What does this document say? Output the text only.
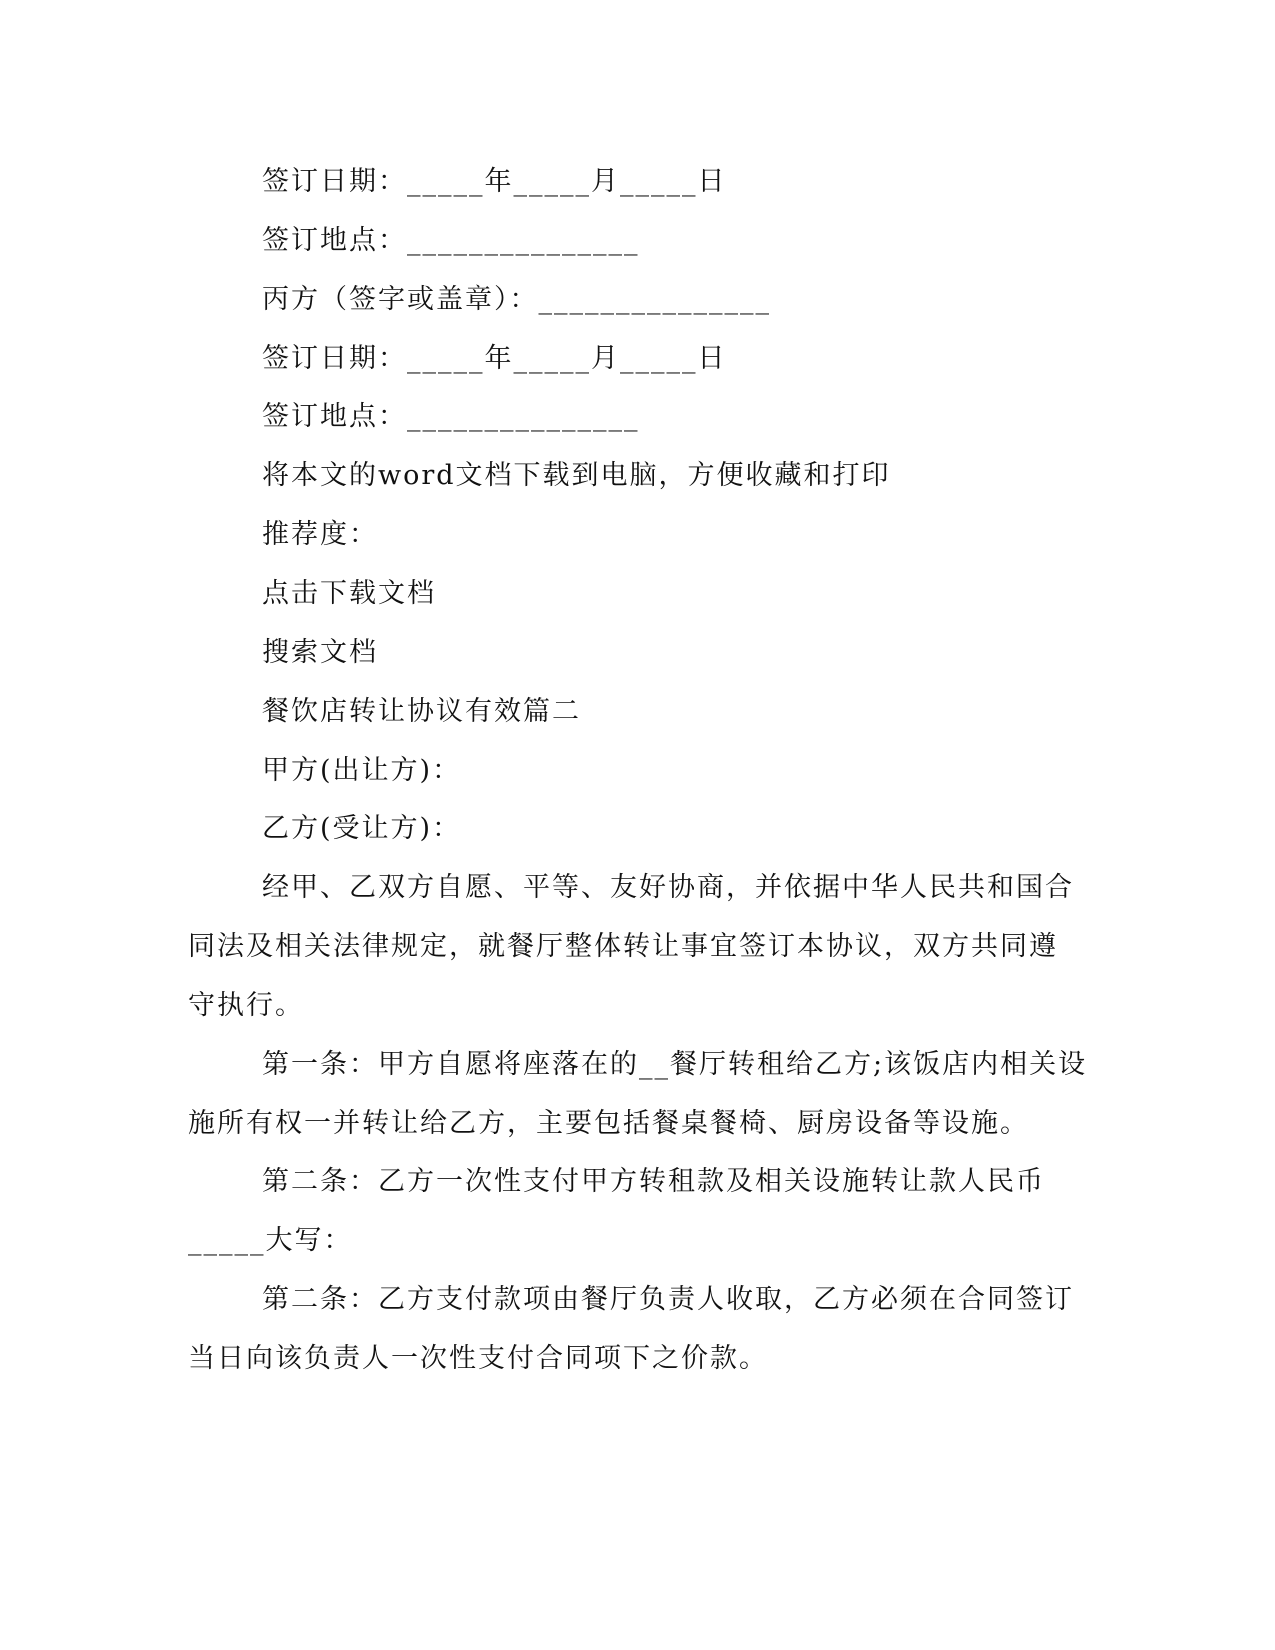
签订日期：_____年_____月_____日
签订地点：_______________
丙方（签字或盖章）：_______________
签订日期：_____年_____月_____日
签订地点：_______________
将本文的word文档下载到电脑，方便收藏和打印
推荐度：
点击下载文档
搜索文档
餐饮店转让协议有效篇二
甲方(出让方)：
乙方(受让方)：
经甲、乙双方自愿、平等、友好协商，并依据中华人民共和国合
同法及相关法律规定，就餐厅整体转让事宜签订本协议，双方共同遵
守执行。
第一条：甲方自愿将座落在的__餐厅转租给乙方;该饭店内相关设
施所有权一并转让给乙方，主要包括餐桌餐椅、厨房设备等设施。
第二条：乙方一次性支付甲方转租款及相关设施转让款人民币
_____大写：
第二条：乙方支付款项由餐厅负责人收取，乙方必须在合同签订
当日向该负责人一次性支付合同项下之价款。
